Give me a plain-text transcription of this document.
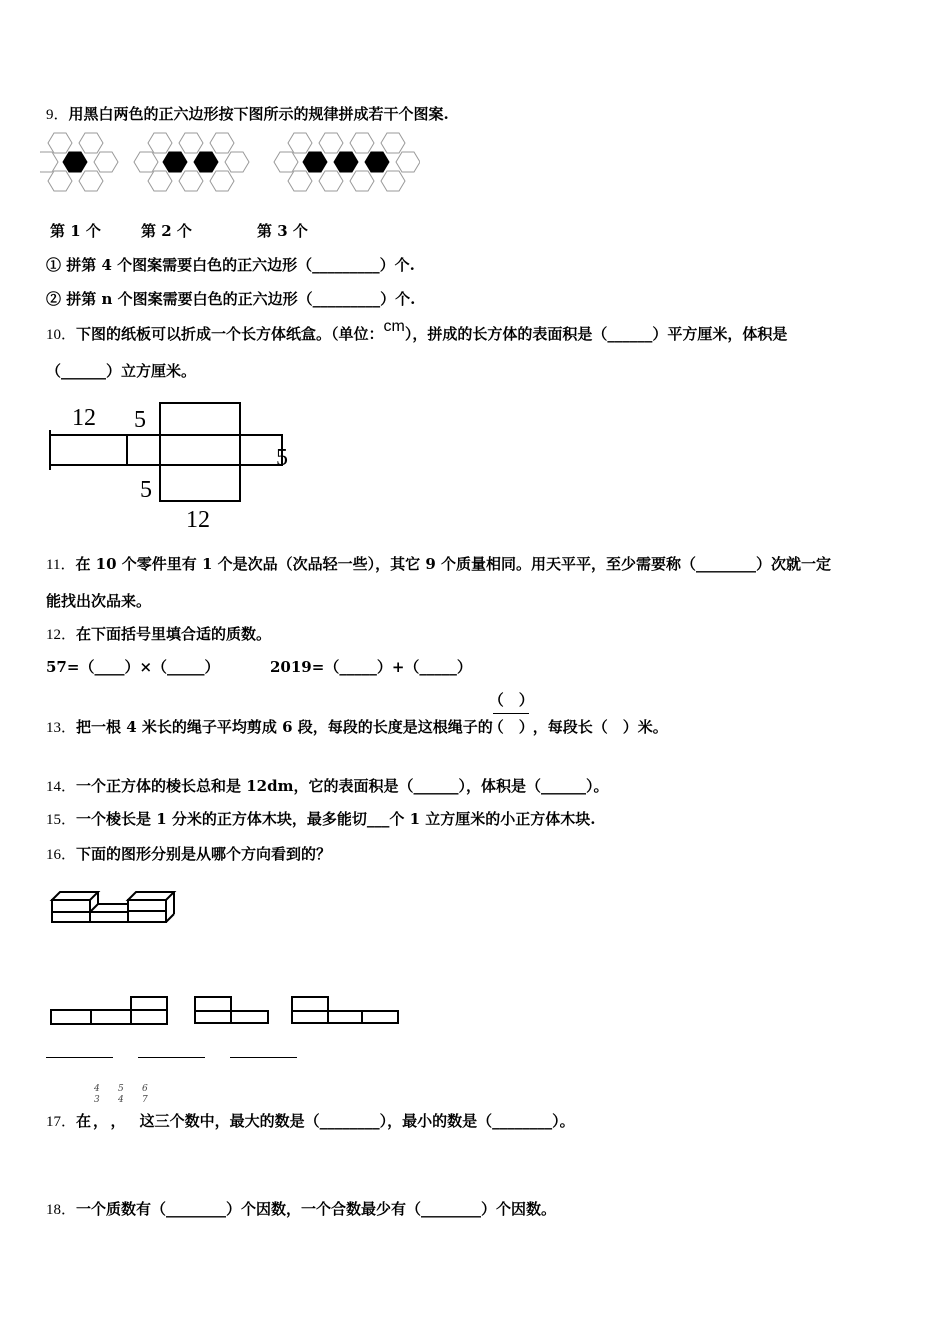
9．用黑白两色的正六边形按下图所示的规律拼成若干个图案.
第 1 个	第 2 个	第 3 个
① 拼第 4 个图案需要白色的正六边形（_________）个.
② 拼第 n 个图案需要白色的正六边形（_________）个.
10．下图的纸板可以折成一个长方体纸盒。（单位：cm），拼成的长方体的表面积是（______）平方厘米，体积是
（______）立方厘米。
12 5
5
5
12
11．在 10 个零件里有 1 个是次品（次品轻一些），其它 9 个质量相同。用天平平，至少需要称（________）次就一定
能找出次品来。
12．在下面括号里填合适的质数。
57=（____）×（_____）	2019=（_____）+（_____）
13．把一根 4 米长的绳子平均剪成 6 段，每段的长度是这根绳子的
（　）
（　）
，每段长（　）米。
14．一个正方体的棱长总和是 12dm，它的表面积是（______），体积是（______）。
15．一个棱长是 1 分米的正方体木块，最多能切___个 1 立方厘米的小正方体木块.
16．下面的图形分别是从哪个方向看到的？
4
3
5
4
6
7
17．在 ， ， 这三个数中，最大的数是（________），最小的数是（________）。
18．一个质数有（________）个因数，一个合数最少有（________）个因数。
